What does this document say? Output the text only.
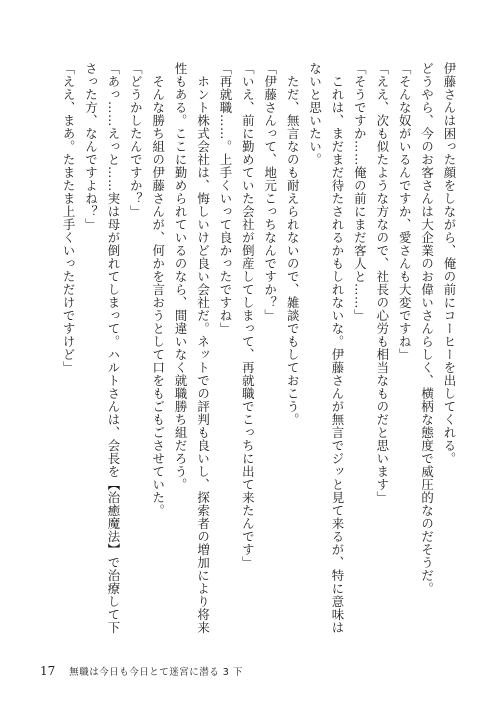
伊藤さんは困った顔をしながら、俺の前にコーヒーを出してくれる。
どうやら、今のお客さんは大企業のお偉いさんらしく、横柄な態度で威圧的なのだそうだ。
「そんな奴がいるんですか、愛さんも大変ですね」
「ええ、次も似たような方なので、社長の心労も相当なものだと思います」
「そうですか……俺の前にまだ客人と……」
　これは、まだまだ待たされるかもしれないな。伊藤さんが無言でジッと見て来るが、特に意味は
ないと思いたい。
　ただ、無言なのも耐えられないので、雑談でもしておこう。
「伊藤さんって、地元こっちなんですか？」
「いえ、前に勤めていた会社が倒産してしまって、再就職でこっちに出て来たんです」
「再就職……。上手くいって良かったですね」
　ホント株式会社は、悔しいけど良い会社だ。ネットでの評判も良いし、探索者の増加により将来
性もある。ここに勤められているのなら、間違いなく就職勝ち組だろう。
　そんな勝ち組の伊藤さんが、何かを言おうとして口をもごもごさせていた。
「どうかしたんですか？」
「あっ……えっと……実は母が倒れてしまって。ハルトさんは、会長を【治癒魔法】で治療して下
さった方、なんですよね？」
「ええ、まあ。たまたま上手くいっただけですけど」
17 無職は今日も今日とて迷宮に潜る 3 下
